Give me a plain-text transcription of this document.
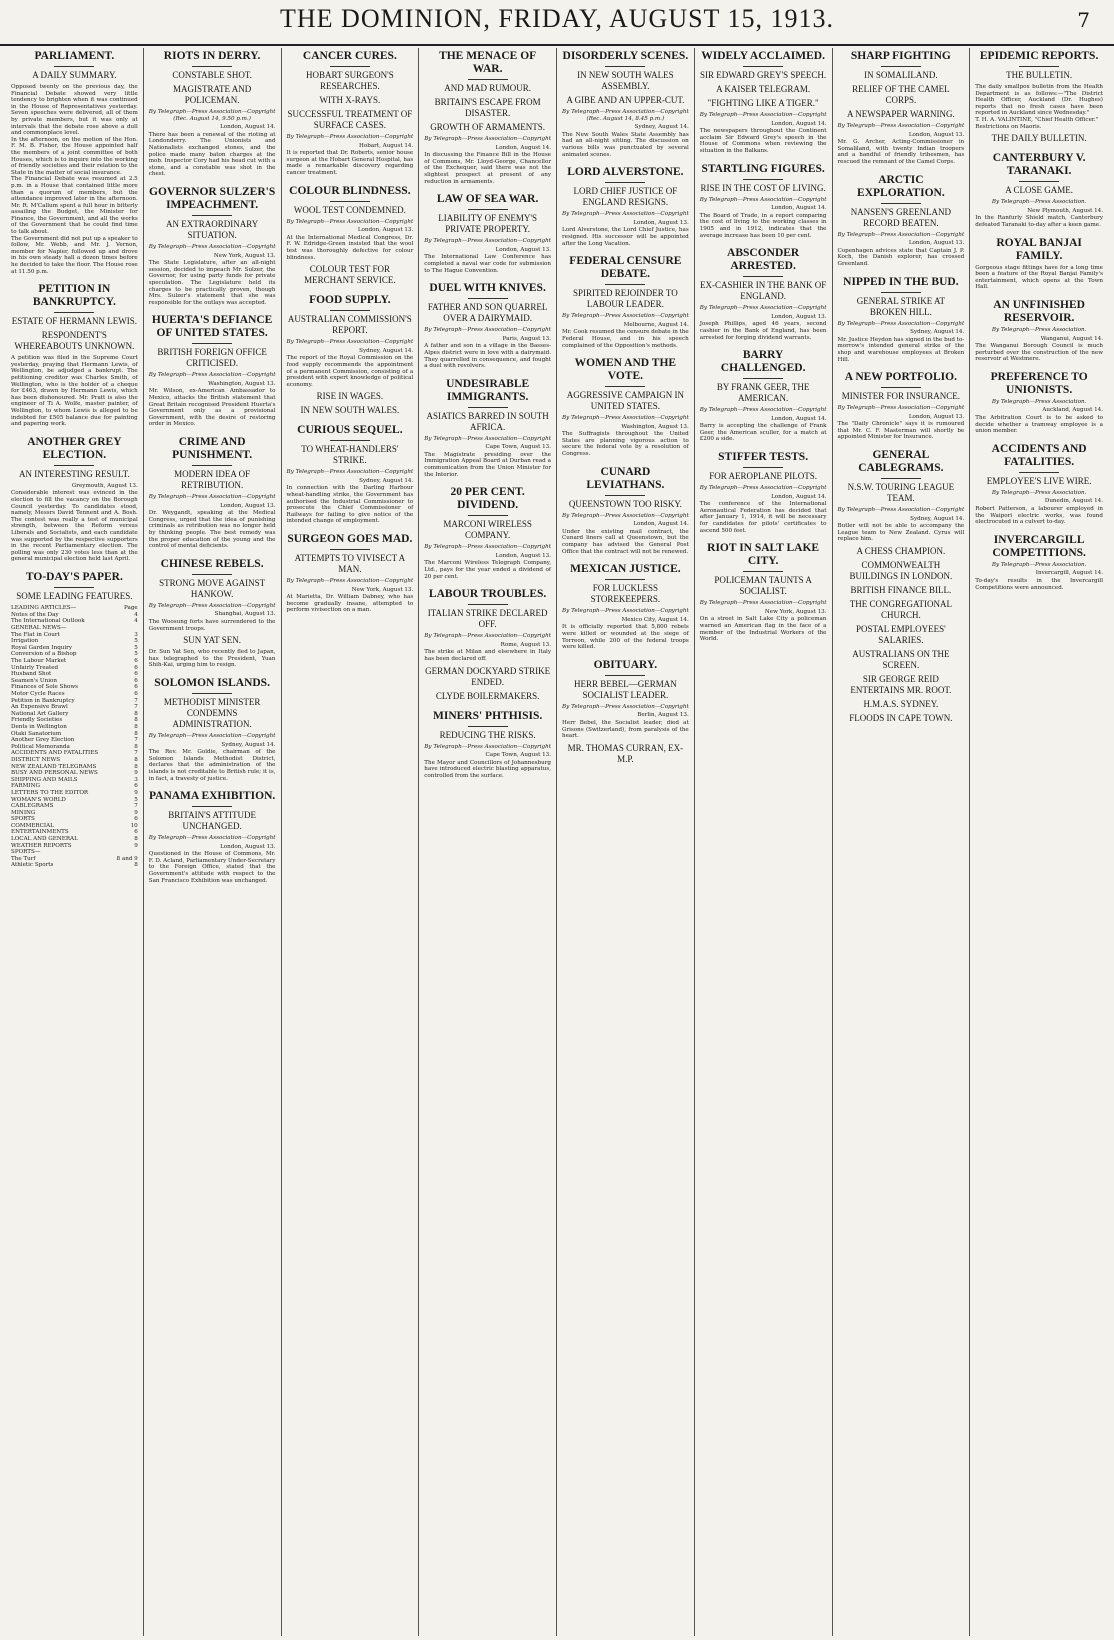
THE DOMINION, FRIDAY, AUGUST 15, 1913.	7
PARLIAMENT.
A DAILY SUMMARY.

Opposed twenty on the previous day, the Financial Debate showed very little tendency to brighten when it was continued in the House of Representatives yesterday. Seven speeches were delivered, all of them by private members, but it was only at intervals that the debate rose above a dull and commonplace level.

In the afternoon, on the motion of the Hon. F. M. B. Fisher, the House appointed half the members of a joint committee of both Houses, which is to inquire into the working of friendly societies and their relation to the State in the matter of social insurance.

The Financial Debate was resumed at 2.5 p.m. in a House that contained little more than a quorum of members, but the attendance improved later in the afternoon. Mr. R. M'Callum spent a full hour in bitterly assailing the Budget, the Minister for Finance, the Government, and all the works of the Government that he could find time to talk about.

The Government did not put up a speaker to follow, Mr. Webb, and Mr. J. Vernon, member for Napier, followed up and drove in his own steady hall a dozen times before he decided to take the floor. The House rose at 11.50 p.m.

PETITION IN BANKRUPTCY.
ESTATE OF HERMANN LEWIS.

RESPONDENT'S WHEREABOUTS UNKNOWN.

A petition was filed in the Supreme Court yesterday, praying that Hermann Lewis, of Wellington, be adjudged a bankrupt. The petitioning creditor was Charles Smith, of Wellington, who is the holder of a cheque for £463, drawn by Hermann Lewis, which has been dishonoured. Mr. Pratt is also the engineer of Ti A. Wolfe, master painter, of Wellington, to whom Lewis is alleged to be indebted for £505 balance due for painting and papering work.

ANOTHER GREY ELECTION.
AN INTERESTING RESULT.

Greymouth, August 13.

Considerable interest was evinced in the election to fill the vacancy on the Borough Council yesterday. To candidates stood, namely, Messrs David Tennent and A. Bosh. The contest was really a test of municipal strength, between the Reform versus Liberals and Socialists, and each candidate was supported by the respective supporters in the recent Parliamentary election. The polling was only 230 votes less than at the general municipal election held last April.

TO-DAY'S PAPER.
SOME LEADING FEATURES.
LEADING ARTICLES—	Page
Notes of the Day	4
The International Outlook	4
GENERAL NEWS—
The Flat in Court	3
Irrigation	5
Royal Garden Inquiry	5
Conversion of a Bishop	5
The Labour Market	6
Unfairly Treated	6
Husband Shot	6
Seamen's Union	6
Finances of Sole Shows	6
Motor Cycle Races	6
Petition in Bankruptcy	7
An Expensive Brawl	7
National Art Gallery	8
Friendly Societies	8
Dents in Wellington	8
Otaki Sanatorium	8
Another Grey Election	7
Political Memoranda	8
ACCIDENTS AND FATALITIES	7
DISTRICT NEWS	8
NEW ZEALAND TELEGRAMS	8
BUSY AND PERSONAL NEWS	9
SHIPPING AND MAILS	3
FARMING	6
LETTERS TO THE EDITOR	9
WOMAN'S WORLD	5
CABLEGRAMS	7
MINING	9
SPORTS	6
COMMERCIAL	10
ENTERTAINMENTS	6
LOCAL AND GENERAL	8
WEATHER REPORTS	9
SPORTS—
The Turf	8 and 9
Athletic Sports	8
RIOTS IN DERRY.
CONSTABLE SHOT.

MAGISTRATE AND POLICEMAN.

By Telegraph—Press Association—Copyright (Rec. August 14, 9.50 p.m.)

London, August 14.

There has been a renewal of the rioting at Londonderry. The Unionists and Nationalists exchanged stones, and the police made many baton charges at the mob. Inspector Cory had his head cut with a stone, and a constable was shot in the chest.

GOVERNOR SULZER'S IMPEACHMENT.
AN EXTRAORDINARY SITUATION.

By Telegraph—Press Association—Copyright

New York, August 13.

The State Legislature, after an all-night session, decided to impeach Mr. Sulzer, the Governor, for using party funds for private speculation. The Legislature held its charges to be practically proven, though Mrs. Sulzer's statement that she was responsible for the outlays was accepted.

HUERTA'S DEFIANCE OF UNITED STATES.
BRITISH FOREIGN OFFICE CRITICISED.

By Telegraph—Press Association—Copyright

Washington, August 13.

Mr. Wilson, ex-American Ambassador to Mexico, attacks the British statement that Great Britain recognised President Huerta's Government only as a provisional Government, with the desire of restoring order in Mexico.

CRIME AND PUNISHMENT.
MODERN IDEA OF RETRIBUTION.

By Telegraph—Press Association—Copyright

London, August 13.

Dr. Weygandt, speaking at the Medical Congress, urged that the idea of punishing criminals as retribution was no longer held by thinking people. The best remedy was the proper education of the young and the control of mental deficients.

CHINESE REBELS.
STRONG MOVE AGAINST HANKOW.

By Telegraph—Press Association—Copyright

Shanghai, August 13.

The Woosung forts have surrendered to the Government troops.

SUN YAT SEN.

Dr. Sun Yat Sen, who recently fled to Japan, has telegraphed to the President, Yuan Shih-Kai, urging him to resign.

SOLOMON ISLANDS.
METHODIST MINISTER CONDEMNS ADMINISTRATION.

By Telegraph—Press Association—Copyright

Sydney, August 14.

The Rev. Mr. Goldie, chairman of the Solomon Islands Methodist District, declares that the administration of the islands is not creditable to British rule; it is, in fact, a travesty of justice.

PANAMA EXHIBITION.
BRITAIN'S ATTITUDE UNCHANGED.

By Telegraph—Press Association—Copyright

London, August 13.

Questioned in the House of Commons, Mr. F. D. Acland, Parliamentary Under-Secretary to the Foreign Office, stated that the Government's attitude with respect to the San Francisco Exhibition was unchanged.

CANCER CURES.
HOBART SURGEON'S RESEARCHES.

WITH X-RAYS.

SUCCESSFUL TREATMENT OF SURFACE CASES.

By Telegraph—Press Association—Copyright

Hobart, August 14.

It is reported that Dr. Roberts, senior house surgeon at the Hobart General Hospital, has made a remarkable discovery regarding cancer treatment.

COLOUR BLINDNESS.
WOOL TEST CONDEMNED.

By Telegraph—Press Association—Copyright

London, August 13.

At the International Medical Congress, Dr. F. W. Edridge-Green insisted that the wool test was thoroughly defective for colour blindness.

COLOUR TEST FOR MERCHANT SERVICE.

FOOD SUPPLY.
AUSTRALIAN COMMISSION'S REPORT.

By Telegraph—Press Association—Copyright

Sydney, August 14.

The report of the Royal Commission on the food supply recommends the appointment of a permanent Commission, consisting of a president with expert knowledge of political economy.

RISE IN WAGES.

IN NEW SOUTH WALES.

CURIOUS SEQUEL.
TO WHEAT-HANDLERS' STRIKE.

By Telegraph—Press Association—Copyright

Sydney, August 14.

In connection with the Darling Harbour wheat-handling strike, the Government has authorised the Industrial Commissioner to prosecute the Chief Commissioner of Railways for failing to give notice of the intended change of employment.

SURGEON GOES MAD.
ATTEMPTS TO VIVISECT A MAN.

By Telegraph—Press Association—Copyright

New York, August 13.

At Marietta, Dr. William Dabney, who has become gradually insane, attempted to perform vivisection on a man.

THE MENACE OF WAR.
AND MAD RUMOUR.

BRITAIN'S ESCAPE FROM DISASTER.

GROWTH OF ARMAMENTS.

By Telegraph—Press Association—Copyright

London, August 14.

In discussing the Finance Bill in the House of Commons, Mr. Lloyd-George, Chancellor of the Exchequer, said there was not the slightest prospect at present of any reduction in armaments.

LAW OF SEA WAR.
LIABILITY OF ENEMY'S PRIVATE PROPERTY.

By Telegraph—Press Association—Copyright

London, August 13.

The International Law Conference has completed a naval war code for submission to The Hague Convention.

DUEL WITH KNIVES.
FATHER AND SON QUARREL OVER A DAIRYMAID.

By Telegraph—Press Association—Copyright

Paris, August 13.

A father and son in a village in the Basses-Alpes district were in love with a dairymaid. They quarrelled in consequence, and fought a duel with revolvers.

UNDESIRABLE IMMIGRANTS.
ASIATICS BARRED IN SOUTH AFRICA.

By Telegraph—Press Association—Copyright

Cape Town, August 13.

The Magistrate presiding over the Immigration Appeal Board at Durban read a communication from the Union Minister for the Interior.

20 PER CENT. DIVIDEND.
MARCONI WIRELESS COMPANY.

By Telegraph—Press Association—Copyright

London, August 13.

The Marconi Wireless Telegraph Company, Ltd., pays for the year ended a dividend of 20 per cent.

LABOUR TROUBLES.
ITALIAN STRIKE DECLARED OFF.

By Telegraph—Press Association—Copyright

Rome, August 13.

The strike at Milan and elsewhere in Italy has been declared off.

GERMAN DOCKYARD STRIKE ENDED.

CLYDE BOILERMAKERS.

MINERS' PHTHISIS.
REDUCING THE RISKS.

By Telegraph—Press Association—Copyright

Cape Town, August 13.

The Mayor and Councillors of Johannesburg have introduced electric blasting apparatus, controlled from the surface.

DISORDERLY SCENES.
IN NEW SOUTH WALES ASSEMBLY.

A GIBE AND AN UPPER-CUT.

By Telegraph—Press Association—Copyright (Rec. August 14, 8.45 p.m.)

Sydney, August 14.

The New South Wales State Assembly has had an all-night sitting. The discussion on various bills was punctuated by several animated scenes.

LORD ALVERSTONE.
LORD CHIEF JUSTICE OF ENGLAND RESIGNS.

By Telegraph—Press Association—Copyright

London, August 13.

Lord Alverstone, the Lord Chief Justice, has resigned. His successor will be appointed after the Long Vacation.

FEDERAL CENSURE DEBATE.
SPIRITED REJOINDER TO LABOUR LEADER.

By Telegraph—Press Association—Copyright

Melbourne, August 14.

Mr. Cook resumed the censure debate in the Federal House, and in his speech complained of the Opposition's methods.

WOMEN AND THE VOTE.
AGGRESSIVE CAMPAIGN IN UNITED STATES.

By Telegraph—Press Association—Copyright

Washington, August 13.

The Suffragists throughout the United States are planning vigorous action to secure the federal vote by a resolution of Congress.

CUNARD LEVIATHANS.
QUEENSTOWN TOO RISKY.

By Telegraph—Press Association—Copyright

London, August 14.

Under the existing mail contract, the Cunard liners call at Queenstown, but the company has advised the General Post Office that the contract will not be renewed.

MEXICAN JUSTICE.
FOR LUCKLESS STOREKEEPERS.

By Telegraph—Press Association—Copyright

Mexico City, August 14.

It is officially reported that 5,800 rebels were killed or wounded at the siege of Torreon, while 200 of the federal troops were killed.

OBITUARY.
HERR BEBEL—GERMAN SOCIALIST LEADER.

By Telegraph—Press Association—Copyright

Berlin, August 13.

Herr Bebel, the Socialist leader, died at Grisons (Switzerland), from paralysis of the heart.

MR. THOMAS CURRAN, EX-M.P.

WIDELY ACCLAIMED.
SIR EDWARD GREY'S SPEECH.

A KAISER TELEGRAM.

"FIGHTING LIKE A TIGER."

By Telegraph—Press Association—Copyright

London, August 14.

The newspapers throughout the Continent acclaim Sir Edward Grey's speech in the House of Commons when reviewing the situation in the Balkans.

STARTLING FIGURES.
RISE IN THE COST OF LIVING.

By Telegraph—Press Association—Copyright

London, August 14.

The Board of Trade, in a report comparing the cost of living to the working classes in 1905 and in 1912, indicates that the average increase has been 10 per cent.

ABSCONDER ARRESTED.
EX-CASHIER IN THE BANK OF ENGLAND.

By Telegraph—Press Association—Copyright

London, August 13.

Joseph Phillips, aged 46 years, second cashier in the Bank of England, has been arrested for forging dividend warrants.

BARRY CHALLENGED.
BY FRANK GEER, THE AMERICAN.

By Telegraph—Press Association—Copyright

London, August 14.

Barry is accepting the challenge of Frank Geer, the American sculler, for a match at £200 a side.

STIFFER TESTS.
FOR AEROPLANE PILOTS.

By Telegraph—Press Association—Copyright

London, August 14.

The conference of the International Aeronautical Federation has decided that after January 1, 1914, it will be necessary for candidates for pilots' certificates to ascend 500 feet.

RIOT IN SALT LAKE CITY.
POLICEMAN TAUNTS A SOCIALIST.

By Telegraph—Press Association—Copyright

New York, August 13.

On a street in Salt Lake City a policeman warned an American flag in the face of a member of the Industrial Workers of the World.

SHARP FIGHTING
IN SOMALILAND.

RELIEF OF THE CAMEL CORPS.

A NEWSPAPER WARNING.

By Telegraph—Press Association—Copyright

London, August 13.

Mr. G. Archer, Acting-Commissioner in Somaliland, with twenty Indian troopers and a handful of friendly tribesmen, has rescued the remnant of the Camel Corps.

ARCTIC EXPLORATION.
NANSEN'S GREENLAND RECORD BEATEN.

By Telegraph—Press Association—Copyright

London, August 13.

Copenhagen advices state that Captain J. P. Koch, the Danish explorer, has crossed Greenland.

NIPPED IN THE BUD.
GENERAL STRIKE AT BROKEN HILL.

By Telegraph—Press Association—Copyright

Sydney, August 14.

Mr. Justice Heydon has signed in the bud to-morrow's intended general strike of the shop and warehouse employees at Broken Hill.

A NEW PORTFOLIO.
MINISTER FOR INSURANCE.

By Telegraph—Press Association—Copyright

London, August 13.

The "Daily Chronicle" says it is rumoured that Mr. C. F. Masterman will shortly be appointed Minister for Insurance.

GENERAL CABLEGRAMS.
N.S.W. TOURING LEAGUE TEAM.

By Telegraph—Press Association—Copyright

Sydney, August 14.

Butler will not be able to accompany the League team to New Zealand. Cyrus will replace him.

A CHESS CHAMPION.

COMMONWEALTH BUILDINGS IN LONDON.

BRITISH FINANCE BILL.

THE CONGREGATIONAL CHURCH.

POSTAL EMPLOYEES' SALARIES.

AUSTRALIANS ON THE SCREEN.

SIR GEORGE REID ENTERTAINS MR. ROOT.

H.M.A.S. SYDNEY.

FLOODS IN CAPE TOWN.

EPIDEMIC REPORTS.
THE BULLETIN.

The daily smallpox bulletin from the Health Department is as follows:—"The District Health Officer, Auckland (Dr. Hughes) reports that no fresh cases have been reported in Auckland since Wednesday."

T. H. A. VALINTINE, "Chief Health Officer."

Restrictions on Maoris.

THE DAILY BULLETIN.

CANTERBURY V. TARANAKI.
A CLOSE GAME.

By Telegraph—Press Association.

New Plymouth, August 14.

In the Ranfurly Shield match, Canterbury defeated Taranaki to-day after a keen game.

ROYAL BANJAI FAMILY.

Gorgeous stage fittings have for a long time been a feature of the Royal Banjai Family's entertainment, which opens at the Town Hall.

AN UNFINISHED RESERVOIR.

By Telegraph—Press Association.

Wanganui, August 14.

The Wanganui Borough Council is much perturbed over the construction of the new reservoir at Westmere.

PREFERENCE TO UNIONISTS.

By Telegraph—Press Association.

Auckland, August 14.

The Arbitration Court is to be asked to decide whether a tramway employee is a union member.

ACCIDENTS AND FATALITIES.
EMPLOYEE'S LIVE WIRE.

By Telegraph—Press Association.

Dunedin, August 14.

Robert Patterson, a labourer employed in the Waipori electric works, was found electrocuted in a culvert to-day.

INVERCARGILL COMPETITIONS.

By Telegraph—Press Association.

Invercargill, August 14.

To-day's results in the Invercargill Competitions were announced.
